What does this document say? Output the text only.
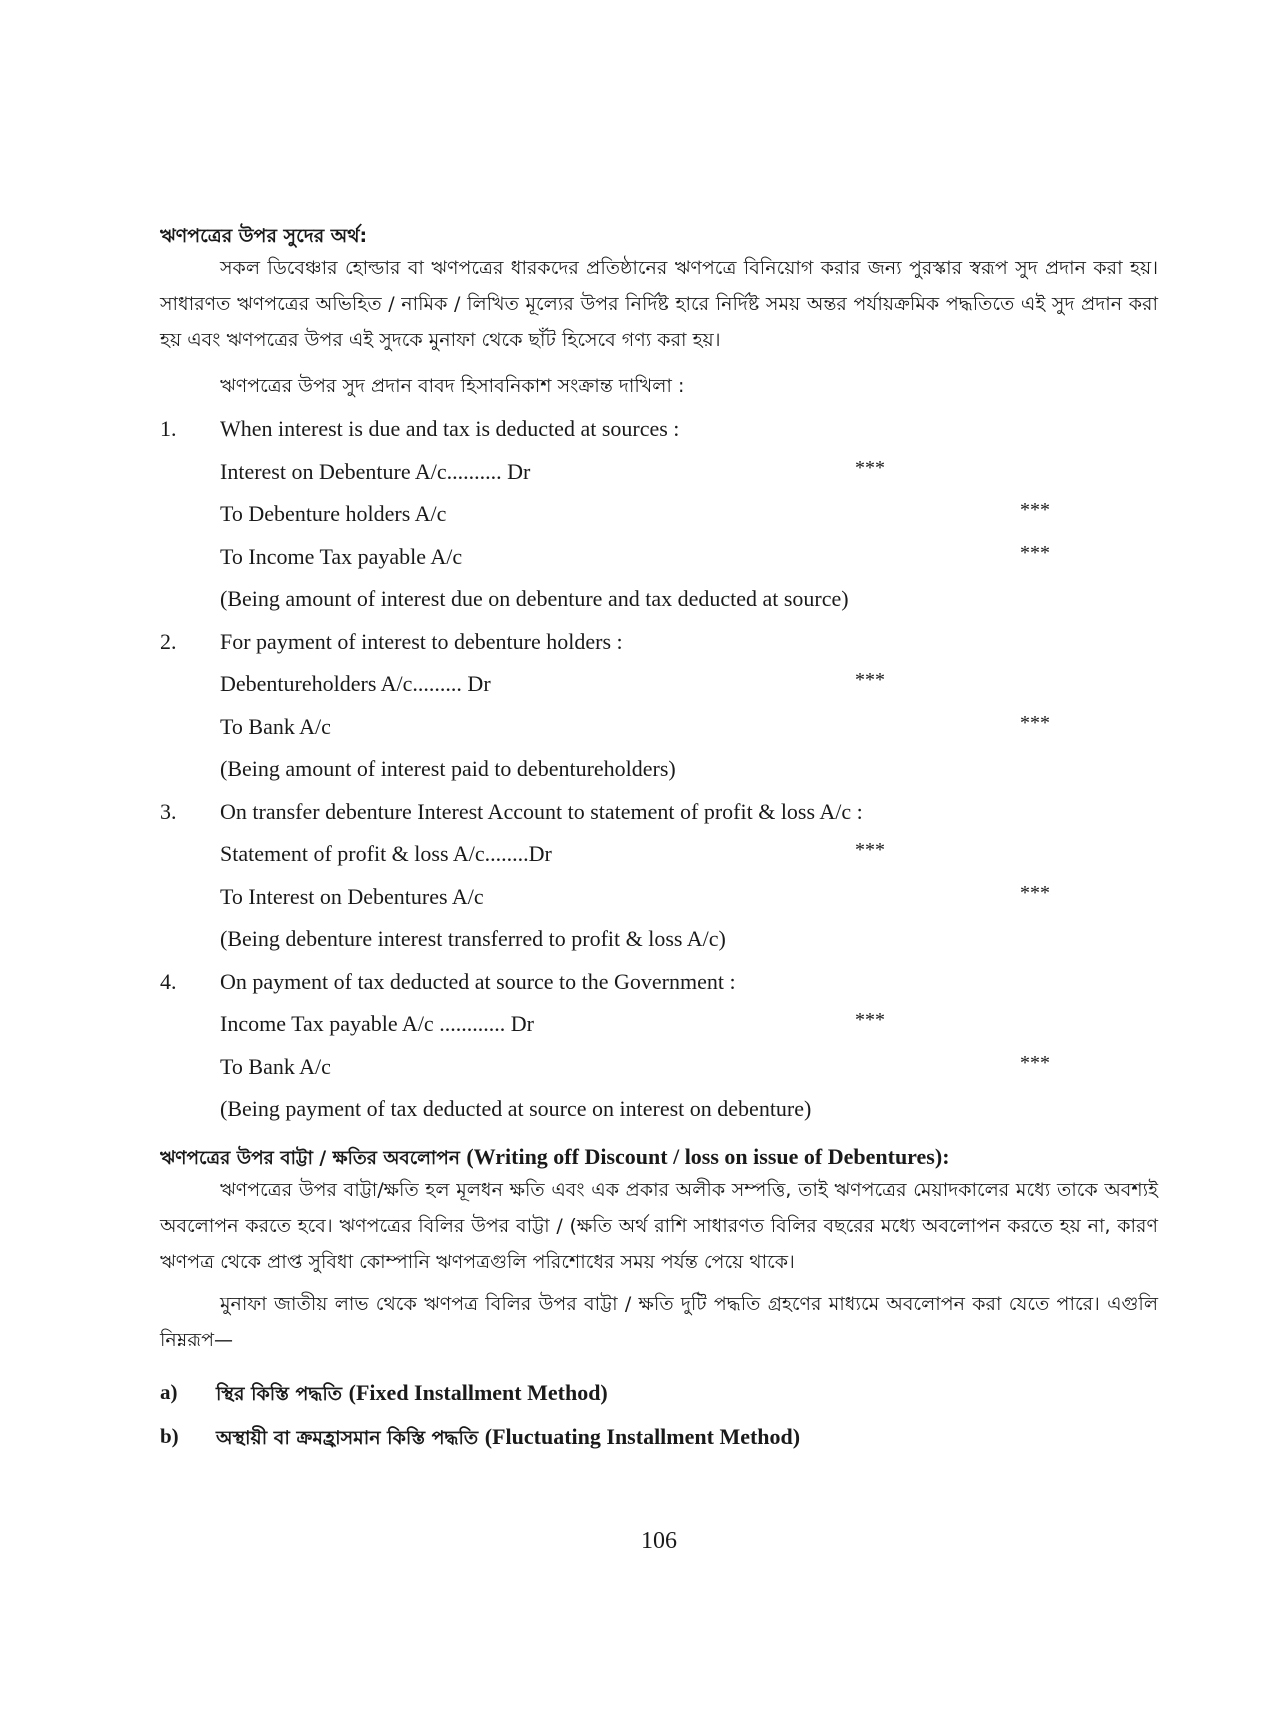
ঋণপত্রের উপর সুদের অর্থ:

সকল ডিবেঞ্চার হোল্ডার বা ঋণপত্রের ধারকদের প্রতিষ্ঠানের ঋণপত্রে বিনিয়োগ করার জন্য পুরস্কার স্বরূপ সুদ প্রদান করা হয়। সাধারণত ঋণপত্রের অভিহিত / নামিক / লিখিত মূল্যের উপর নির্দিষ্ট হারে নির্দিষ্ট সময় অন্তর পর্যায়ক্রমিক পদ্ধতিতে এই সুদ প্রদান করা হয় এবং ঋণপত্রের উপর এই সুদকে মুনাফা থেকে ছাঁট হিসেবে গণ্য করা হয়।

ঋণপত্রের উপর সুদ প্রদান বাবদ হিসাবনিকাশ সংক্রান্ত দাখিলা :
1. When interest is due and tax is deducted at sources :
Interest on Debenture A/c.......... Dr	***
To Debenture holders A/c	***
To Income Tax payable A/c	***
(Being amount of interest due on debenture and tax deducted at source)
2. For payment of interest to debenture holders :
Debentureholders A/c......... Dr	***
To Bank A/c	***
(Being amount of interest paid to debentureholders)
3. On transfer debenture Interest Account to statement of profit & loss A/c :
Statement of profit & loss A/c........Dr	***
To Interest on Debentures A/c	***
(Being debenture interest transferred to profit & loss A/c)
4. On payment of tax deducted at source to the Government :
Income Tax payable A/c ............ Dr	***
To Bank A/c	***
(Being payment of tax deducted at source on interest on debenture)
ঋণপত্রের উপর বাট্টা / ক্ষতির অবলোপন (Writing off Discount / loss on issue of Debentures):

ঋণপত্রের উপর বাট্টা/ক্ষতি হল মূলধন ক্ষতি এবং এক প্রকার অলীক সম্পত্তি, তাই ঋণপত্রের মেয়াদকালের মধ্যে তাকে অবশ্যই অবলোপন করতে হবে। ঋণপত্রের বিলির উপর বাট্টা / (ক্ষতি অর্থ রাশি সাধারণত বিলির বছরের মধ্যে অবলোপন করতে হয় না, কারণ ঋণপত্র থেকে প্রাপ্ত সুবিধা কোম্পানি ঋণপত্রগুলি পরিশোধের সময় পর্যন্ত পেয়ে থাকে।

মুনাফা জাতীয় লাভ থেকে ঋণপত্র বিলির উপর বাট্টা / ক্ষতি দুটি পদ্ধতি গ্রহণের মাধ্যমে অবলোপন করা যেতে পারে। এগুলি নিম্নরূপ—

a) স্থির কিস্তি পদ্ধতি (Fixed Installment Method)
b) অস্থায়ী বা ক্রমহ্রাসমান কিস্তি পদ্ধতি (Fluctuating Installment Method)
106
